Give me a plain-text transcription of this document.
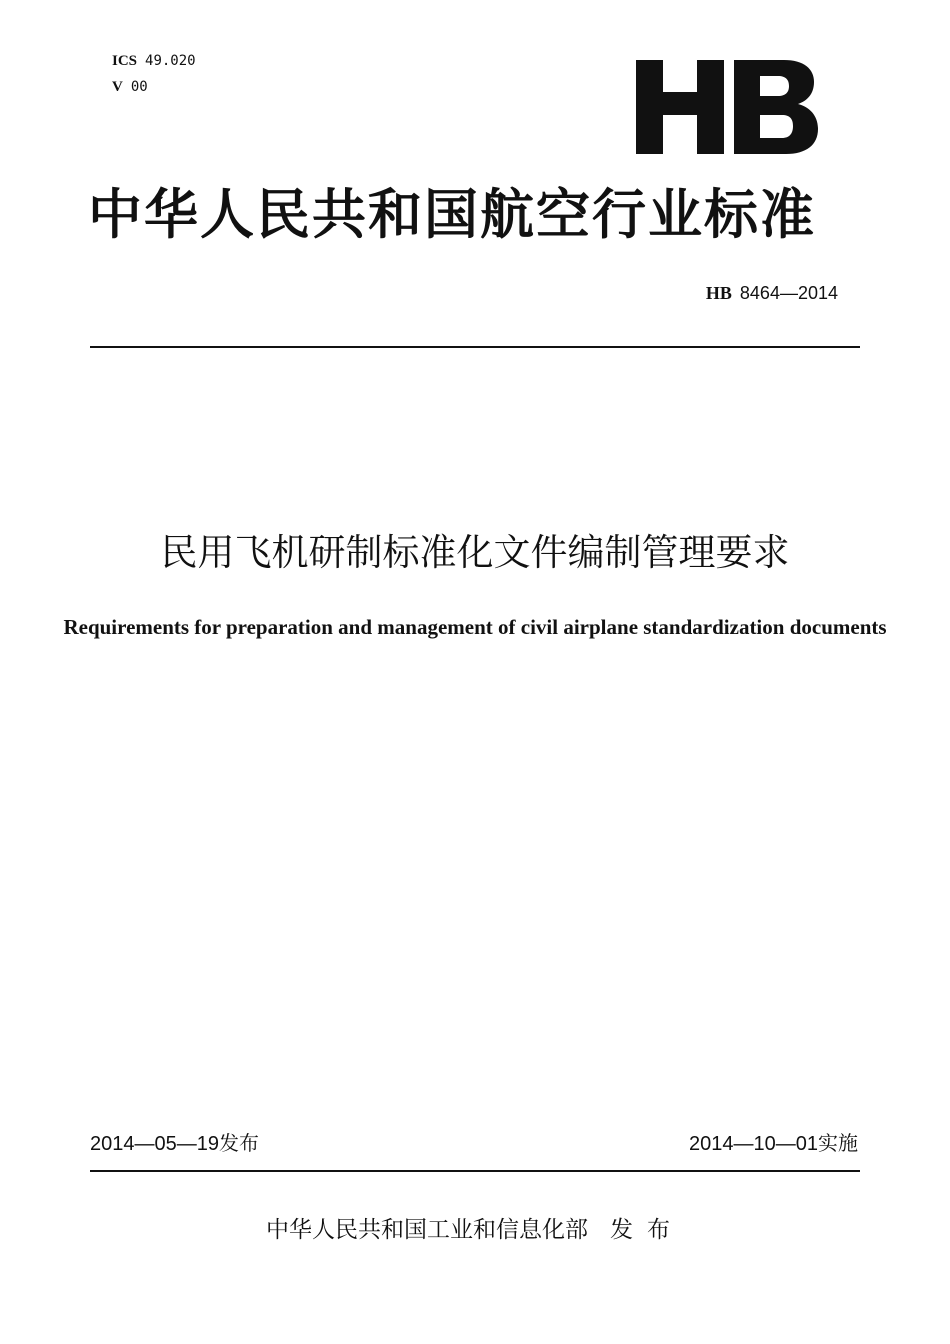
ICS 49.020
V 00
中华人民共和国航空行业标准
HB 8464—2014
民用飞机研制标准化文件编制管理要求
Requirements for preparation and management of civil airplane standardization documents
2014—05—19发布	2014—10—01实施
中华人民共和国工业和信息化部 发布
